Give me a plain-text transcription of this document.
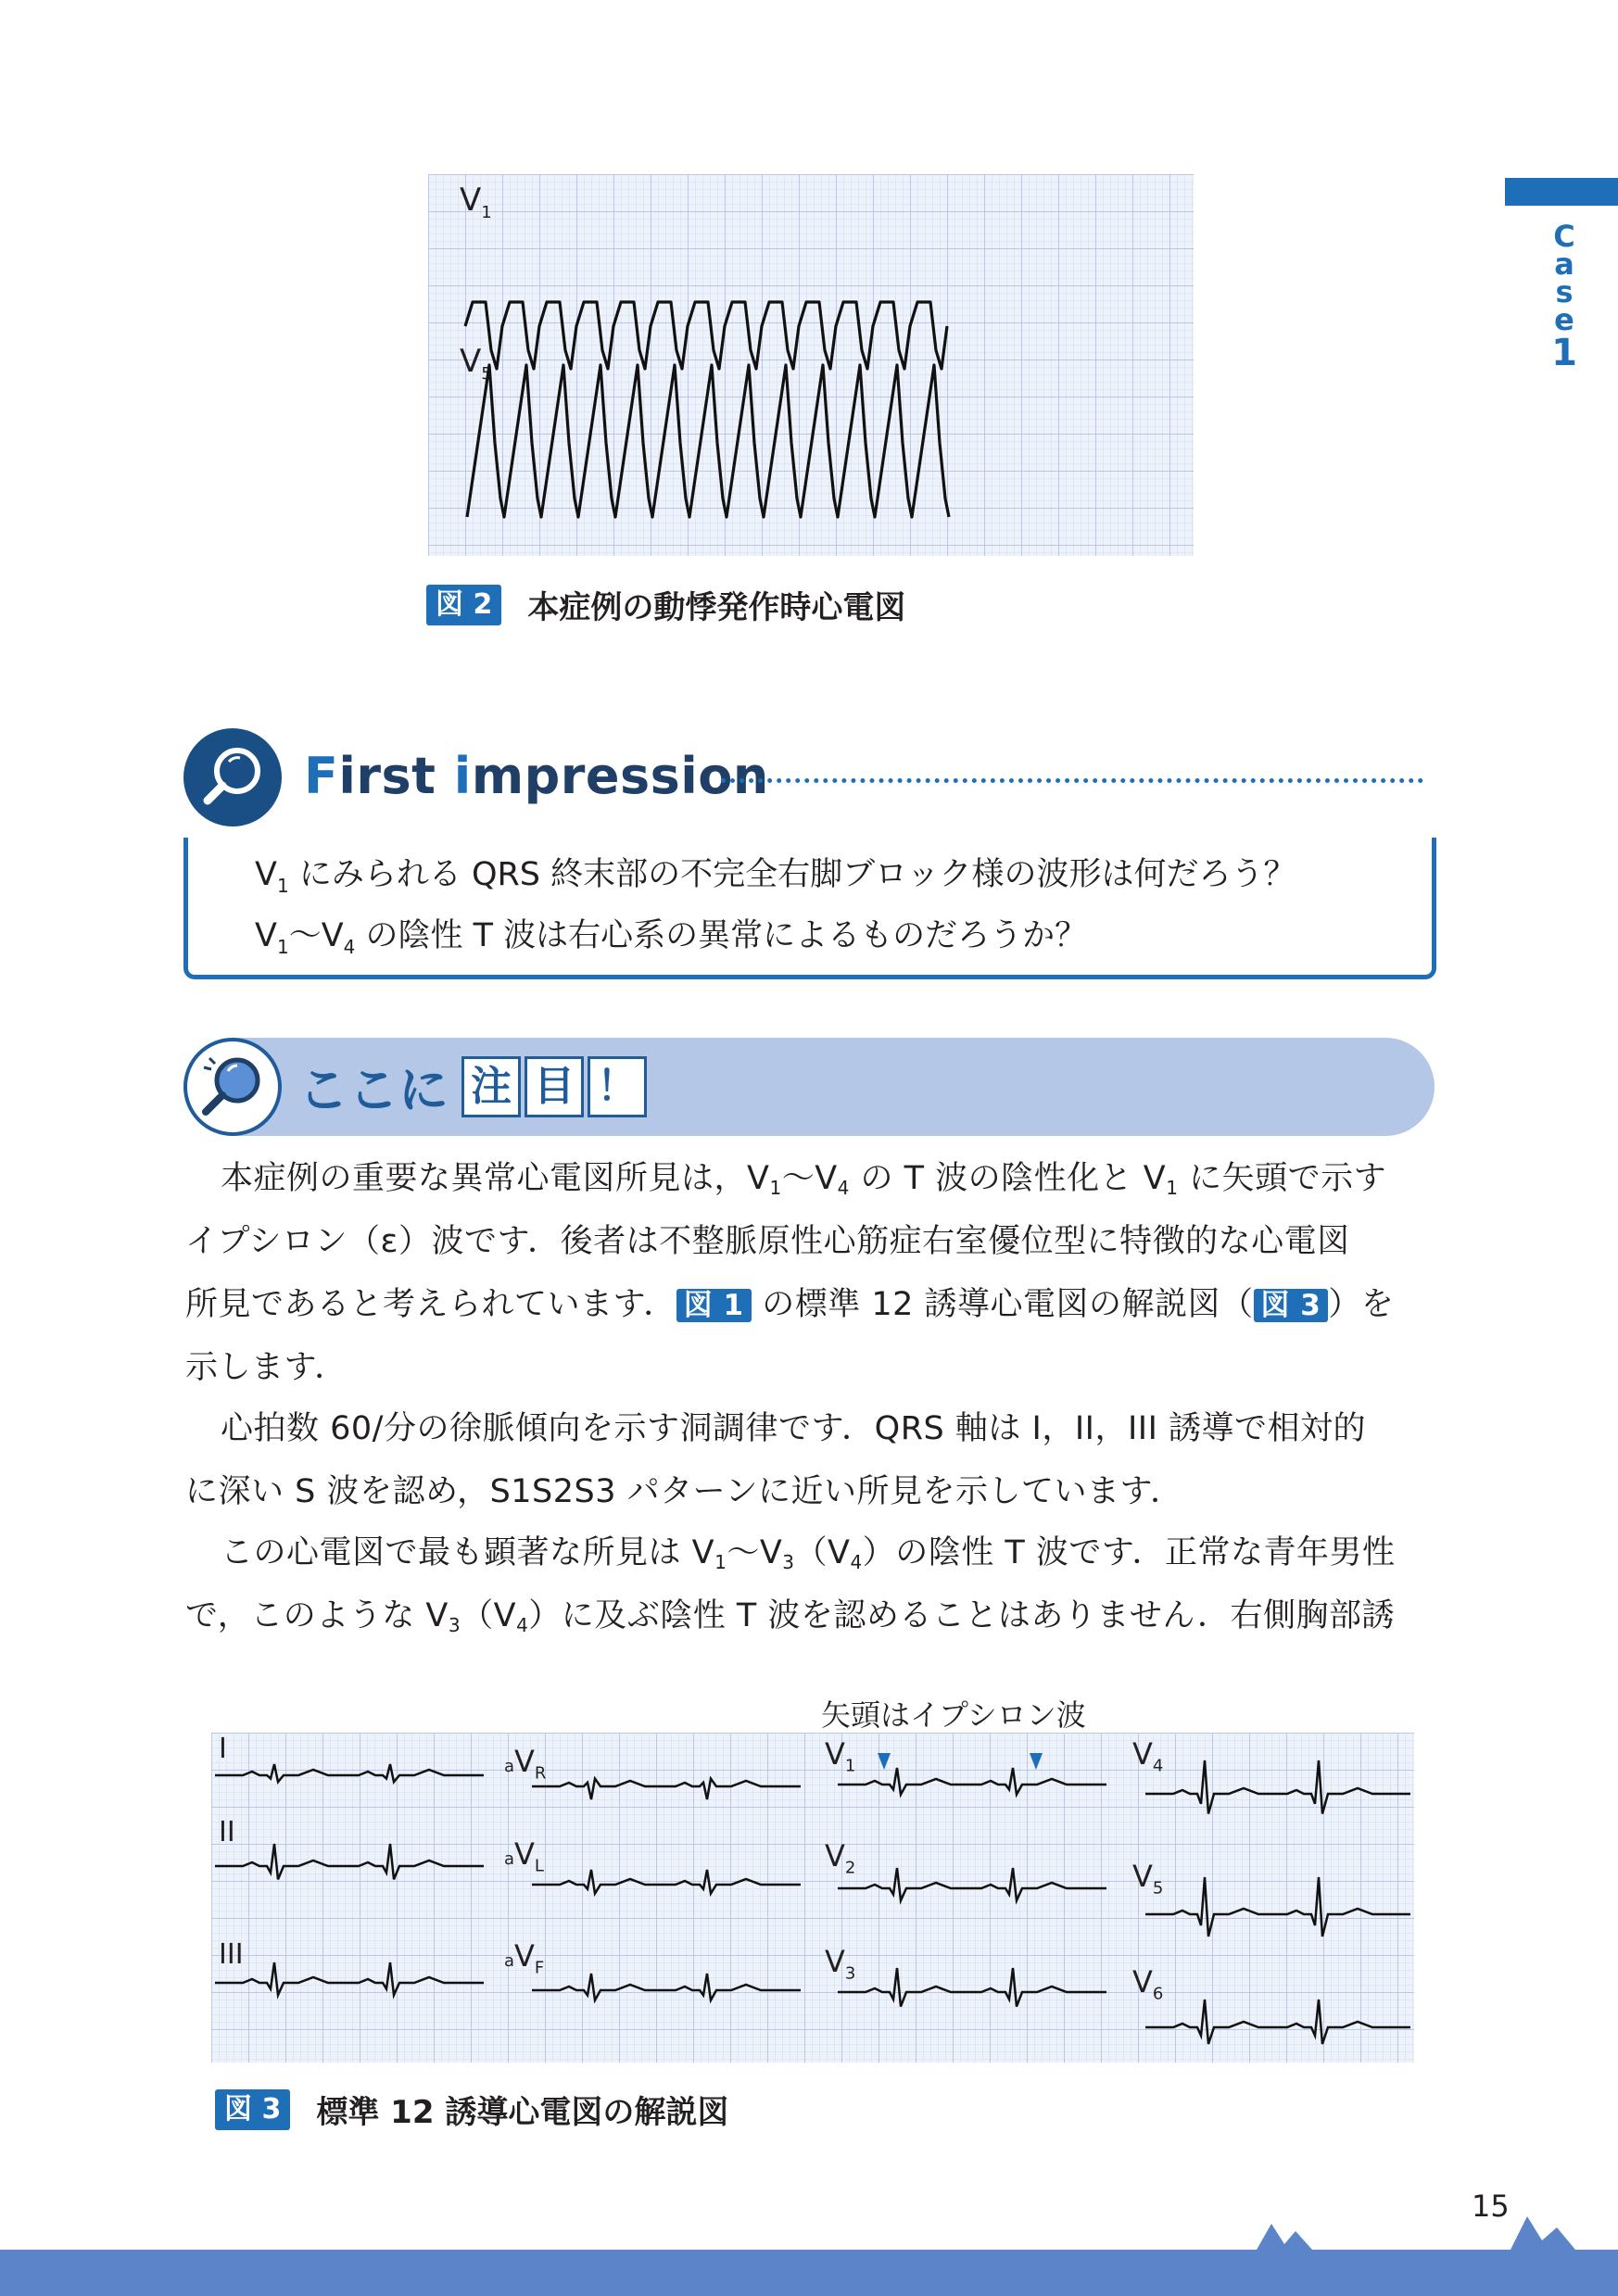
C
a
s
e
1
$V_1$
$V_5$
図 2 本症例の動悸発作時心電図
First impression
$V_1$ にみられる QRS 終末部の不完全右脚ブロック様の波形は何だろう？
$V_1$〜$V_4$ の陰性 T 波は右心系の異常によるものだろうか？
ここに 注 目 ！
本症例の重要な異常心電図所見は，$V_1$〜$V_4$ の T 波の陰性化と $V_1$ に矢頭で示す
イプシロン（ε）波です．後者は不整脈原性心筋症右室優位型に特徴的な心電図
所見であると考えられています． 図 1 の標準 12 誘導心電図の解説図（ 図 3 ）を
示します．
心拍数 60/分の徐脈傾向を示す洞調律です．QRS 軸は I，II，III 誘導で相対的
に深い S 波を認め，S1S2S3 パターンに近い所見を示しています．
この心電図で最も顕著な所見は $V_1$〜$V_3(V_4)$の陰性 T 波です．正常な青年男性
で，このような $V_3(V_4)$に及ぶ陰性 T 波を認めることはありません．右側胸部誘
矢頭はイプシロン波
I
II
III
$aV_R$
$aV_L$
$aV_F$
$V_1$
$V_2$
$V_3$
$V_4$
$V_5$
$V_6$
図 3 標準 12 誘導心電図の解説図
15
